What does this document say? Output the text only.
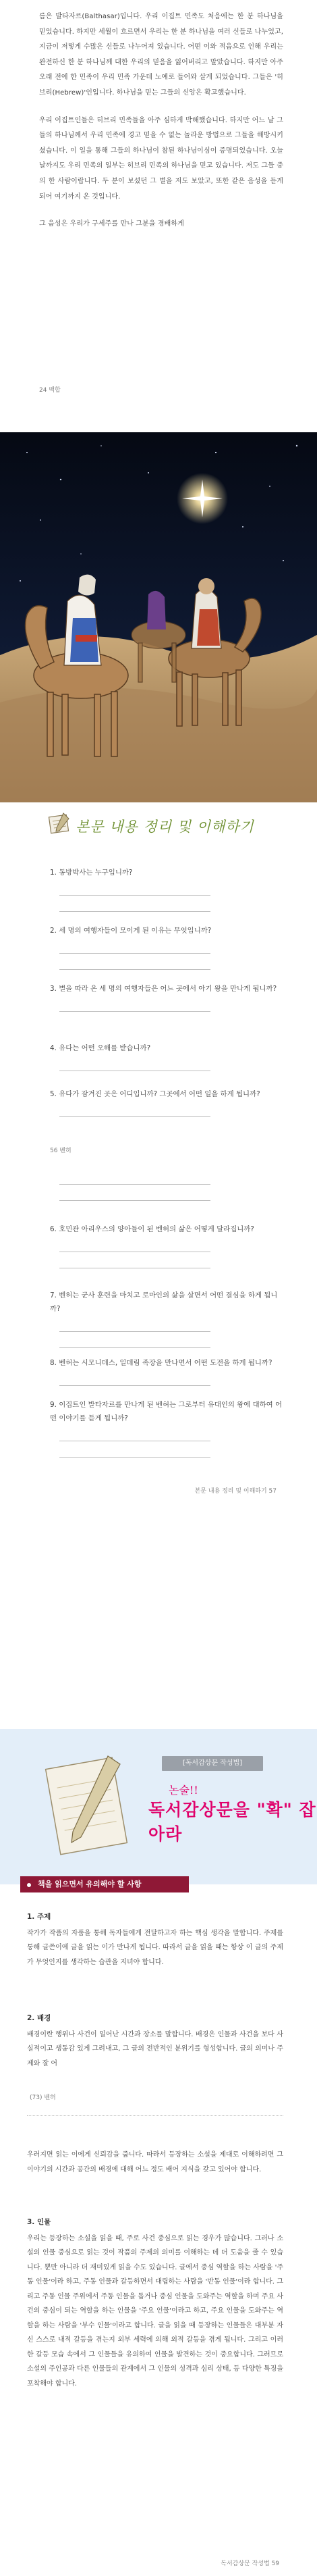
름은 발타자르(Balthasar)입니다. 우리 이집트 민족도 처음에는 한 분 하나님을 믿었습니다. 하지만 세월이 흐르면서 우리는 한 분 하나님을 여러 신들로 나누었고, 지금이 저렇게 수많은 신들로 나누어져 있습니다. 어떤 이와 적음으로 인해 우리는 완전하신 한 분 하나님께 대한 우리의 믿음을 잃어버리고 말았습니다. 하지만 아주 오래 전에 한 민족이 우리 민족 가운데 노예로 들어와 살게 되었습니다. 그들은 '히브리(Hebrew)'인입니다. 하나님을 믿는 그들의 신앙은 확고했습니다.

우리 이집트인들은 히브리 민족들을 아주 심하게 박해했습니다. 하지만 어느 날 그들의 하나님께서 우리 민족에 경고 믿을 수 없는 놀라운 방법으로 그들을 해방시키셨습니다. 이 일을 통해 그들의 하나님이 참된 하나님이심이 증명되었습니다. 오늘날까지도 우리 민족의 일부는 히브리 민족의 하나님을 믿고 있습니다. 저도 그들 중의 한 사람이랍니다. 두 분이 보셨던 그 별을 저도 보았고, 또한 같은 음성을 듣게 되어 여기까지 온 것입니다.

그 음성은 우리가 구세주를 만나 그분을 경배하게

24 백합
본문 내용 정리 및 이해하기
1. 동방박사는 누구입니까?
2. 세 명의 여행자들이 모이게 된 이유는 무엇입니까?
3. 별을 따라 온 세 명의 여행자들은 어느 곳에서 아기 왕을 만나게 됩니까?
4. 유다는 어떤 오해를 받습니까?
5. 유다가 잠겨진 곳은 어디입니까? 그곳에서 어떤 일을 하게 됩니까?
56 벤허
6. 호민관 아리우스의 양아들이 된 벤허의 삶은 어떻게 달라집니까?
7. 벤허는 군사 훈련을 마치고 로마인의 삶을 살면서 어떤 결심을 하게 됩니까?
8. 벤허는 시모니데스, 일데림 족장을 만나면서 어떤 도전을 하게 됩니까?
9. 이집트인 발타자르를 만나게 된 벤허는 그로부터 유대인의 왕에 대하여 어떤 이야기를 듣게 됩니까?
본문 내용 정리 및 이해하기 57
[독서감상문 작성법]
논술!!
독서감상문을 "확" 잡아라
책을 읽으면서 유의해야 할 사항
1. 주제

작가가 작품의 자품을 통해 독자들에게 전달하고자 하는 핵심 생각을 말합니다. 주제를 통해 글쓴이에 글을 읽는 이가 만나게 됩니다. 따라서 글을 읽을 때는 항상 이 글의 주제가 무엇인지를 생각하는 습관을 지녀야 합니다.

2. 배경

배경이란 행위나 사건이 일어난 시간과 장소를 말합니다. 배경은 인물과 사건을 보다 사실적이고 생동감 있게 그려내고, 그 글의 전반적인 분위기를 형성합니다. 글의 의미나 주제와 잘 어

(73) 벤허

우러지면 읽는 이에게 신뢰감을 줍니다. 따라서 등장하는 소설을 제대로 이해하려면 그 이야기의 시간과 공간의 배경에 대해 어느 정도 배어 지식을 갖고 있어야 합니다.

3. 인물

우리는 등장하는 소설을 읽을 때, 주로 사건 중심으로 읽는 경우가 많습니다. 그러나 소설의 인물 중심으로 읽는 것이 작품의 주제의 의미를 이해하는 데 더 도움을 줄 수 있습니다. 뿐만 아니라 더 재미있게 읽을 수도 있습니다. 글에서 중심 역할을 하는 사람을 '주동 인물'이라 하고, 주동 인물과 갈등하면서 대립하는 사람을 '반동 인물'이라 합니다. 그리고 주동 인물 주위에서 주동 인물을 돕거나 중심 인물을 도와주는 역할을 하며 주요 사건의 중심이 되는 역할을 하는 인물을 '주요 인물'이라고 하고, 주요 인물을 도와주는 역할을 하는 사람을 '부수 인물'이라고 합니다. 글을 읽을 때 등장하는 인물들은 대부분 자신 스스로 내적 갈등을 겪는지 외부 세력에 의해 외적 갈등을 겪게 됩니다. 그리고 이러한 갈등 모습 속에서 그 인물들을 유의하여 인물을 발견하는 것이 중요합니다. 그러므로 소설의 주인공과 다른 인물들의 관계에서 그 인물의 성격과 심리 상태, 등 다양한 특징을 포착해야 합니다.

독서감상문 작성법 59
